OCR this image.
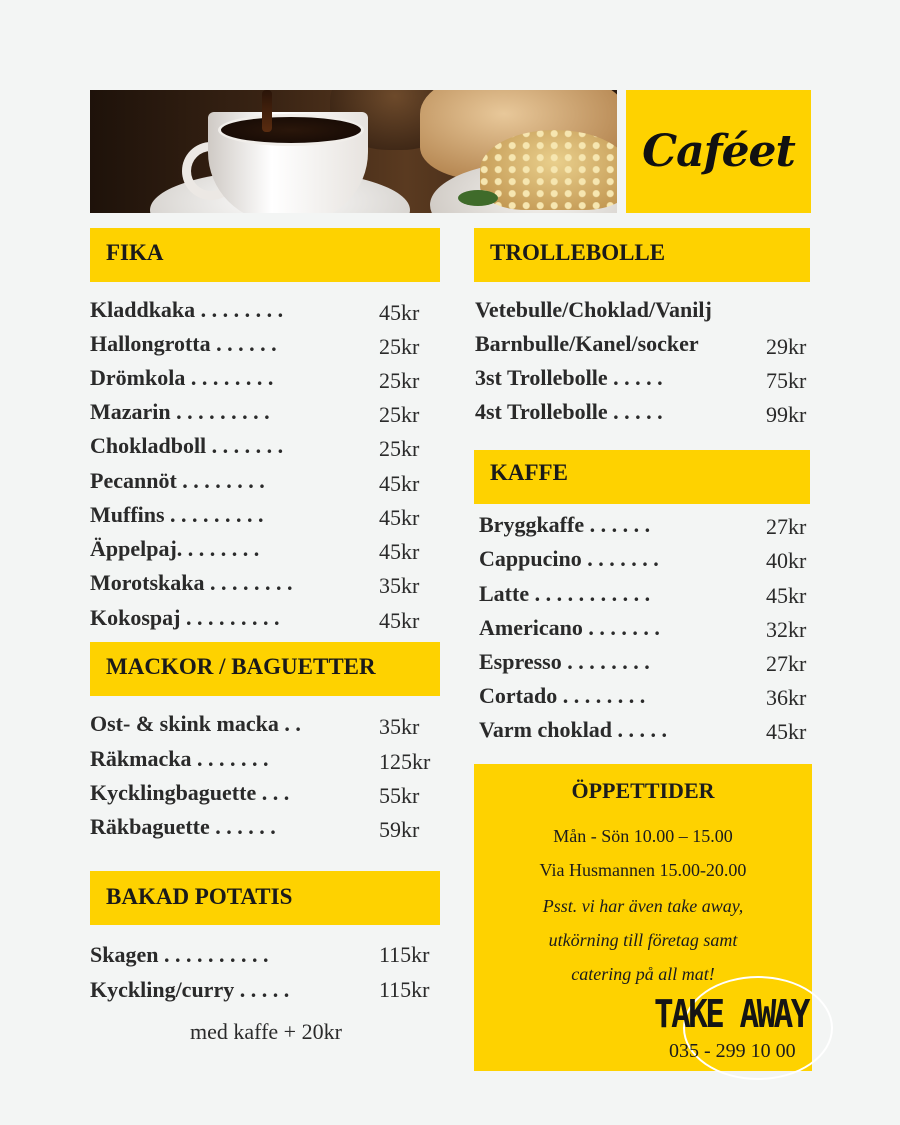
Caféet
FIKA
Kladdkaka . . . . . . . .	45kr
Hallongrotta . . . . . .	25kr
Drömkola . . . . . . . .	25kr
Mazarin . . . . . . . . .	25kr
Chokladboll . . . . . . .	25kr
Pecannöt . . . . . . . .	45kr
Muffins . . . . . . . . .	45kr
Äppelpaj. . . . . . . .	45kr
Morotskaka . . . . . . . .	35kr
Kokospaj . . . . . . . . .	45kr
MACKOR / BAGUETTER
Ost- & skink macka . .	35kr
Räkmacka . . . . . . .	125kr
Kycklingbaguette . . .	55kr
Räkbaguette . . . . . .	59kr
BAKAD POTATIS
Skagen . . . . . . . . . .	115kr
Kyckling/curry . . . . .	115kr
med kaffe + 20kr
TROLLEBOLLE
Vetebulle/Choklad/Vanilj
Barnbulle/Kanel/socker	29kr
3st Trollebolle . . . . .	75kr
4st Trollebolle . . . . .	99kr
KAFFE
Bryggkaffe . . . . . .	27kr
Cappucino . . . . . . .	40kr
Latte . . . . . . . . . . .	45kr
Americano . . . . . . .	32kr
Espresso . . . . . . . .	27kr
Cortado . . . . . . . .	36kr
Varm choklad . . . . .	45kr
ÖPPETTIDER
Mån - Sön 10.00 – 15.00
Via Husmannen 15.00-20.00
Psst. vi har även take away,
utkörning till företag samt
catering på all mat!
TAKE AWAY
035 - 299 10 00
